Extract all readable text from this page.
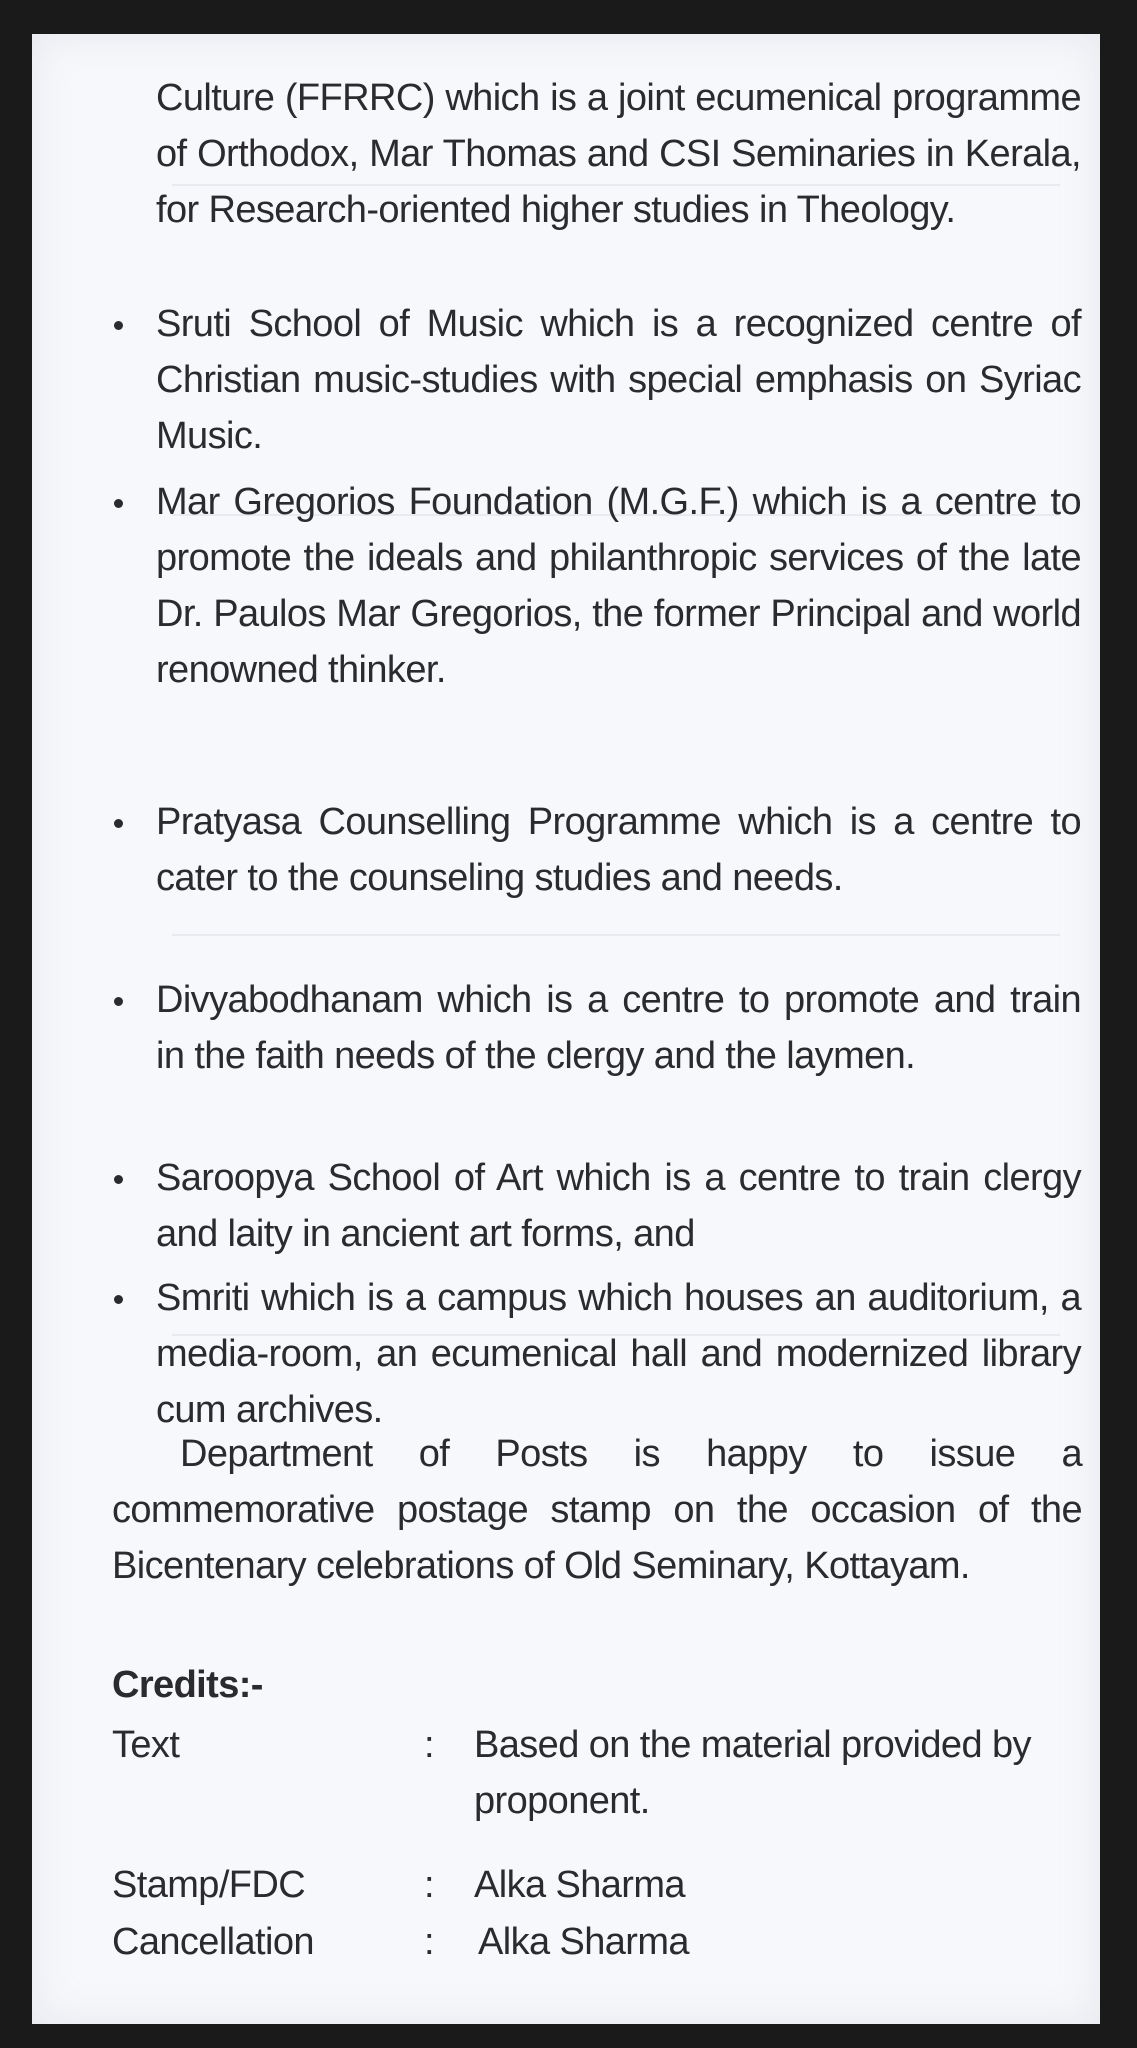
Culture (FFRRC) which is a joint ecumenical programme of Orthodox, Mar Thomas and CSI Seminaries in Kerala, for Research-oriented higher studies in Theology.
Sruti School of Music which is a recognized centre of Christian music-studies with special emphasis on Syriac Music.
Mar Gregorios Foundation (M.G.F.) which is a centre to promote the ideals and philanthropic services of the late Dr. Paulos Mar Gregorios, the former Principal and world renowned thinker.
Pratyasa Counselling Programme which is a centre to cater to the counseling studies and needs.
Divyabodhanam which is a centre to promote and train in the faith needs of the clergy and the laymen.
Saroopya School of Art which is a centre to train clergy and laity in ancient art forms, and
Smriti which is a campus which houses an auditorium, a media-room, an ecumenical hall and modernized library cum archives.
Department of Posts is happy to issue a commemorative postage stamp on the occasion of the Bicentenary celebrations of Old Seminary, Kottayam.
Credits:-
Text	: Based on the material provided by proponent.
Stamp/FDC	: Alka Sharma
Cancellation	: Alka Sharma
